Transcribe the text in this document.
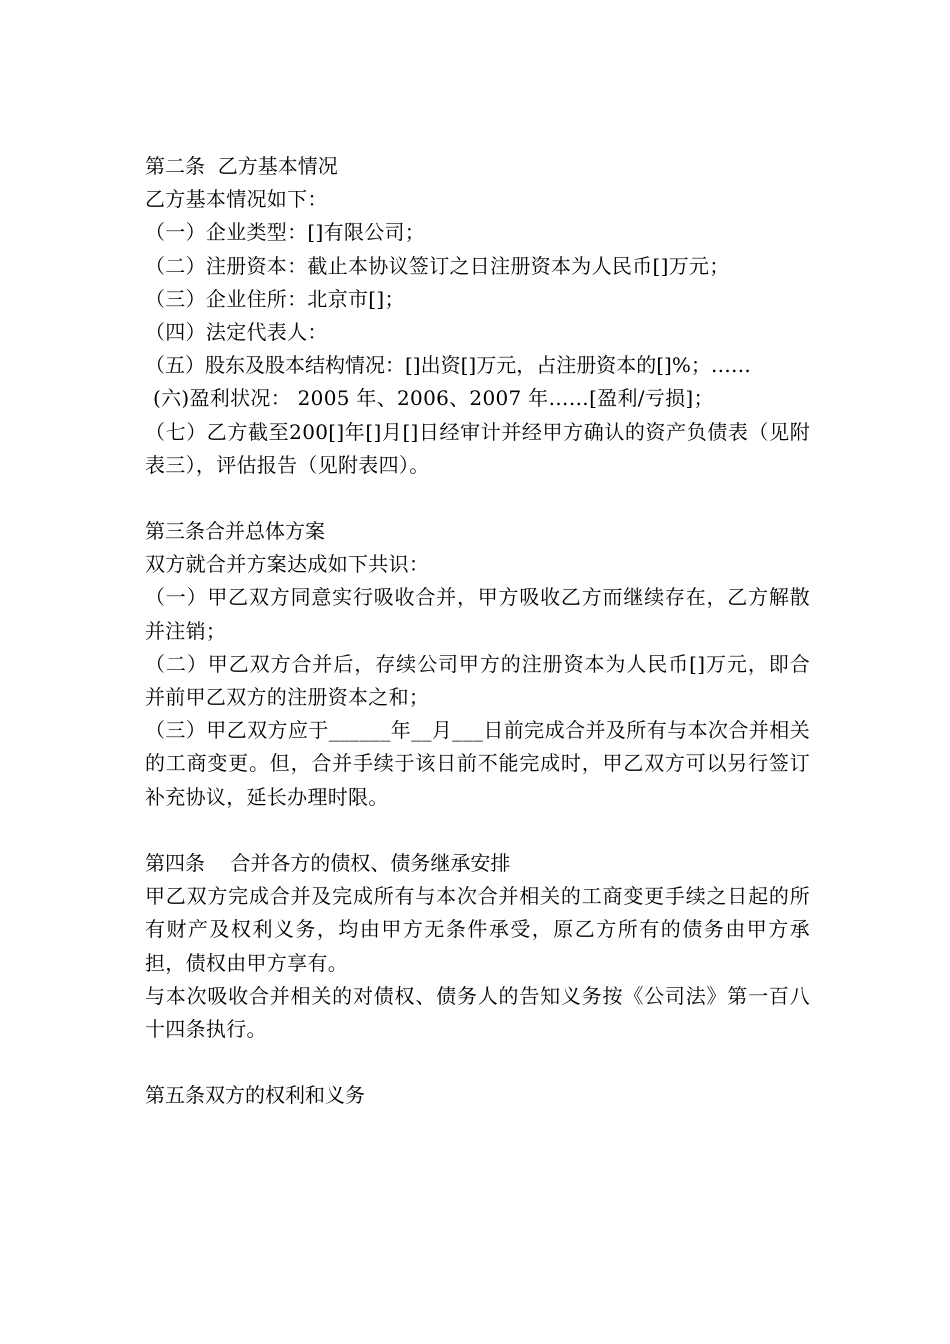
第二条  乙方基本情况
乙方基本情况如下：
（一）企业类型：[]有限公司；
（二）注册资本：截止本协议签订之日注册资本为人民币[]万元；
（三）企业住所：北京市[]；
（四）法定代表人：
（五）股东及股本结构情况：[]出资[]万元，占注册资本的[]%；……
(六)盈利状况： 2005 年、2006、2007 年……[盈利/亏损]；
（七）乙方截至200[]年[]月[]日经审计并经甲方确认的资产负债表（见附表三），评估报告（见附表四）。
第三条合并总体方案
双方就合并方案达成如下共识：
（一）甲乙双方同意实行吸收合并，甲方吸收乙方而继续存在，乙方解散并注销；
（二）甲乙双方合并后，存续公司甲方的注册资本为人民币[]万元，即合并前甲乙双方的注册资本之和；
（三）甲乙双方应于______年__月___日前完成合并及所有与本次合并相关的工商变更。但，合并手续于该日前不能完成时，甲乙双方可以另行签订补充协议，延长办理时限。
第四条    合并各方的债权、债务继承安排
甲乙双方完成合并及完成所有与本次合并相关的工商变更手续之日起的所有财产及权利义务，均由甲方无条件承受，原乙方所有的债务由甲方承担，债权由甲方享有。
与本次吸收合并相关的对债权、债务人的告知义务按《公司法》第一百八十四条执行。
第五条双方的权利和义务
